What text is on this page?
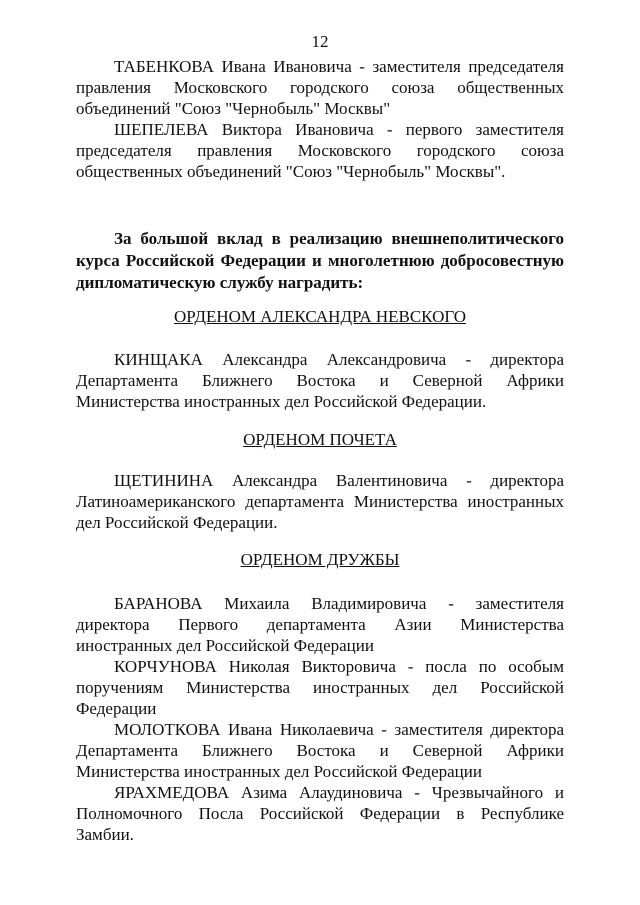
12

ТАБЕНКОВА Ивана Ивановича - заместителя председателя правления Московского городского союза общественных объединений "Союз "Чернобыль" Москвы"

ШЕПЕЛЕВА Виктора Ивановича - первого заместителя председателя правления Московского городского союза общественных объединений "Союз "Чернобыль" Москвы".

За большой вклад в реализацию внешнеполитического курса Российской Федерации и многолетнюю добросовестную дипломатическую службу наградить:

ОРДЕНОМ АЛЕКСАНДРА НЕВСКОГО

КИНЩАКА Александра Александровича - директора Департамента Ближнего Востока и Северной Африки Министерства иностранных дел Российской Федерации.

ОРДЕНОМ ПОЧЕТА

ЩЕТИНИНА Александра Валентиновича - директора Латиноамериканского департамента Министерства иностранных дел Российской Федерации.

ОРДЕНОМ ДРУЖБЫ

БАРАНОВА Михаила Владимировича - заместителя директора Первого департамента Азии Министерства иностранных дел Российской Федерации

КОРЧУНОВА Николая Викторовича - посла по особым поручениям Министерства иностранных дел Российской Федерации

МОЛОТКОВА Ивана Николаевича - заместителя директора Департамента Ближнего Востока и Северной Африки Министерства иностранных дел Российской Федерации

ЯРАХМЕДОВА Азима Алаудиновича - Чрезвычайного и Полномочного Посла Российской Федерации в Республике Замбии.
